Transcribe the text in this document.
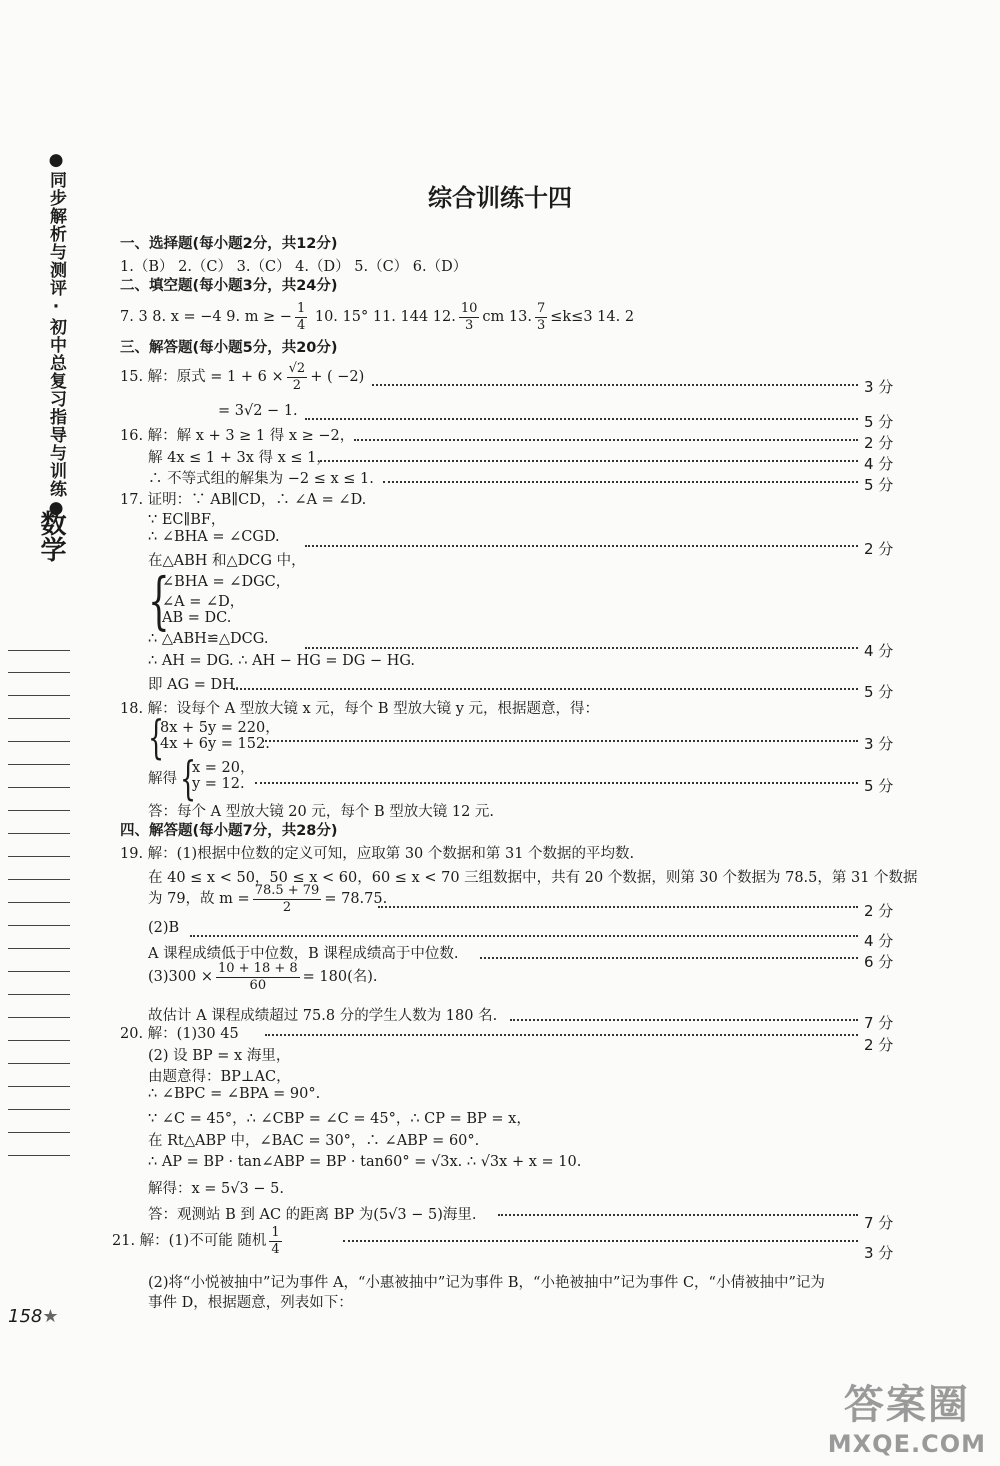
●同步解析与测评·初中总复习指导与训练●
数学
综合训练十四
一、选择题(每小题2分，共12分)
1.（B） 2.（C） 3.（C） 4.（D） 5.（C） 6.（D）
二、填空题(每小题3分，共24分)
7. 3 8. x = −4 9. m ≥ − $\frac{1}{4} 10$. 15° 11. 144 12. $\frac{10}{3}$ cm 13. $\frac{7}{3} \le k\le 3$ 14. 2
三、解答题(每小题5分，共20分)
15. 解：原式 = $1 + 6 \times \frac{√2}{2}$ + ( −2)
3 分
= 3√2 − 1.
5 分
16. 解：解 x + 3 ≥ 1 得 x ≥ −2，	2 分
解 4x ≤ 1 + 3x 得 x ≤ 1，	4 分
∴ 不等式组的解集为 −2 ≤ x ≤ 1.	5 分
17. 证明：∵ AB∥CD，∴ ∠A = ∠D.
∵ EC∥BF，
∴ ∠BHA = ∠CGD.
在△ABH 和△DCG 中，
2 分
{
∠BHA = ∠DGC，
∠A = ∠D，
AB = DC.
∴ △ABH≌△DCG.
4 分
∴ AH = DG. ∴ AH − HG = DG − HG.
即 AG = DH.	5 分
18. 解：设每个 A 型放大镜 x 元，每个 B 型放大镜 y 元，根据题意，得：
{
8x + 5y = 220，
4x + 6y = 152.	3 分
解得 {
x = 20，
y = 12.	5 分
答：每个 A 型放大镜 20 元，每个 B 型放大镜 12 元.
四、解答题(每小题7分，共28分)
19. 解：(1)根据中位数的定义可知，应取第 30 个数据和第 31 个数据的平均数.
在 40 ≤ x < 50，50 ≤ x < 60，60 ≤ x < 70 三组数据中，共有 20 个数据，则第 30 个数据为 78.5，第 31 个数据
为 79，故 $m = \frac{78.5 + 79}{2} = 78.75$.
(2)B
2 分
4 分
A 课程成绩低于中位数，B 课程成绩高于中位数.	6 分
$(3)300 \times \frac{10 + 18 + 8}{60} = 180$(名).
故估计 A 课程成绩超过 75.8 分的学生人数为 180 名.	7 分
20. 解：(1)30 45
2 分
(2) 设 BP = x 海里，
由题意得：BP⊥AC，
∴ ∠BPC = ∠BPA = 90°.
∵ ∠C = 45°，∴ ∠CBP = ∠C = 45°，∴ CP = BP = x，
在 Rt△ABP 中，∠BAC = 30°，∴ ∠ABP = 60°.
∴ AP = BP · tan∠ABP = BP · tan60° = √3x. ∴ √3x + x = 10.
解得：x = 5√3 − 5.
答：观测站 B 到 AC 的距离 BP 为(5√3 − 5)海里.	7 分
21. 解：(1)不可能 随机 $\frac{1}{4}$	3 分
(2)将“小悦被抽中”记为事件 A，“小惠被抽中”记为事件 B，“小艳被抽中”记为事件 C，“小倩被抽中”记为
事件 D，根据题意，列表如下：
158★
答案圈
MXQE.COM
